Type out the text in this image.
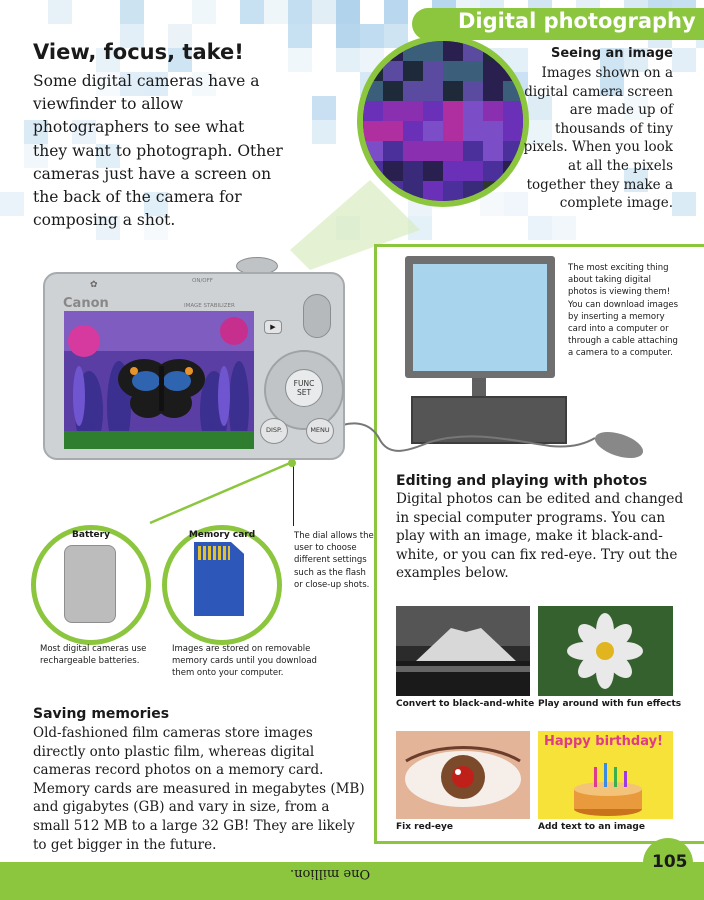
Digital photography
View, focus, take!
Some digital cameras have a viewfinder to allow photographers to see what they want to photograph. Other cameras just have a screen on the back of the camera for composing a shot.
Seeing an image
Images shown on a digital camera screen are made up of thousands of tiny pixels. When you look at all the pixels together they make a complete image.
The most exciting thing about taking digital photos is viewing them! You can download images by inserting a memory card into a computer or through a cable attaching a camera to a computer.
Editing and playing with photos
Digital photos can be edited and changed in special computer programs. You can play with an image, make it black-and-white, or you can fix red-eye. Try out the examples below.
Convert to black-and-white Play around with fun effects
Fix red-eye
Happy birthday!
Add text to an image
Canon	IMAGE STABILIZER
ON/OFF
✿
▶
FUNC
SET
DISP.	MENU
Battery
Most digital cameras use rechargeable batteries.
Memory card
Images are stored on removable memory cards until you download them onto your computer.
The dial allows the user to choose different settings such as the flash or close-up shots.
Saving memories
Old-fashioned film cameras store images directly onto plastic film, whereas digital cameras record photos on a memory card. Memory cards are measured in megabytes (MB) and gigabytes (GB) and vary in size, from a small 512 MB to a large 32 GB! They are likely to get bigger in the future.
One million.
105
